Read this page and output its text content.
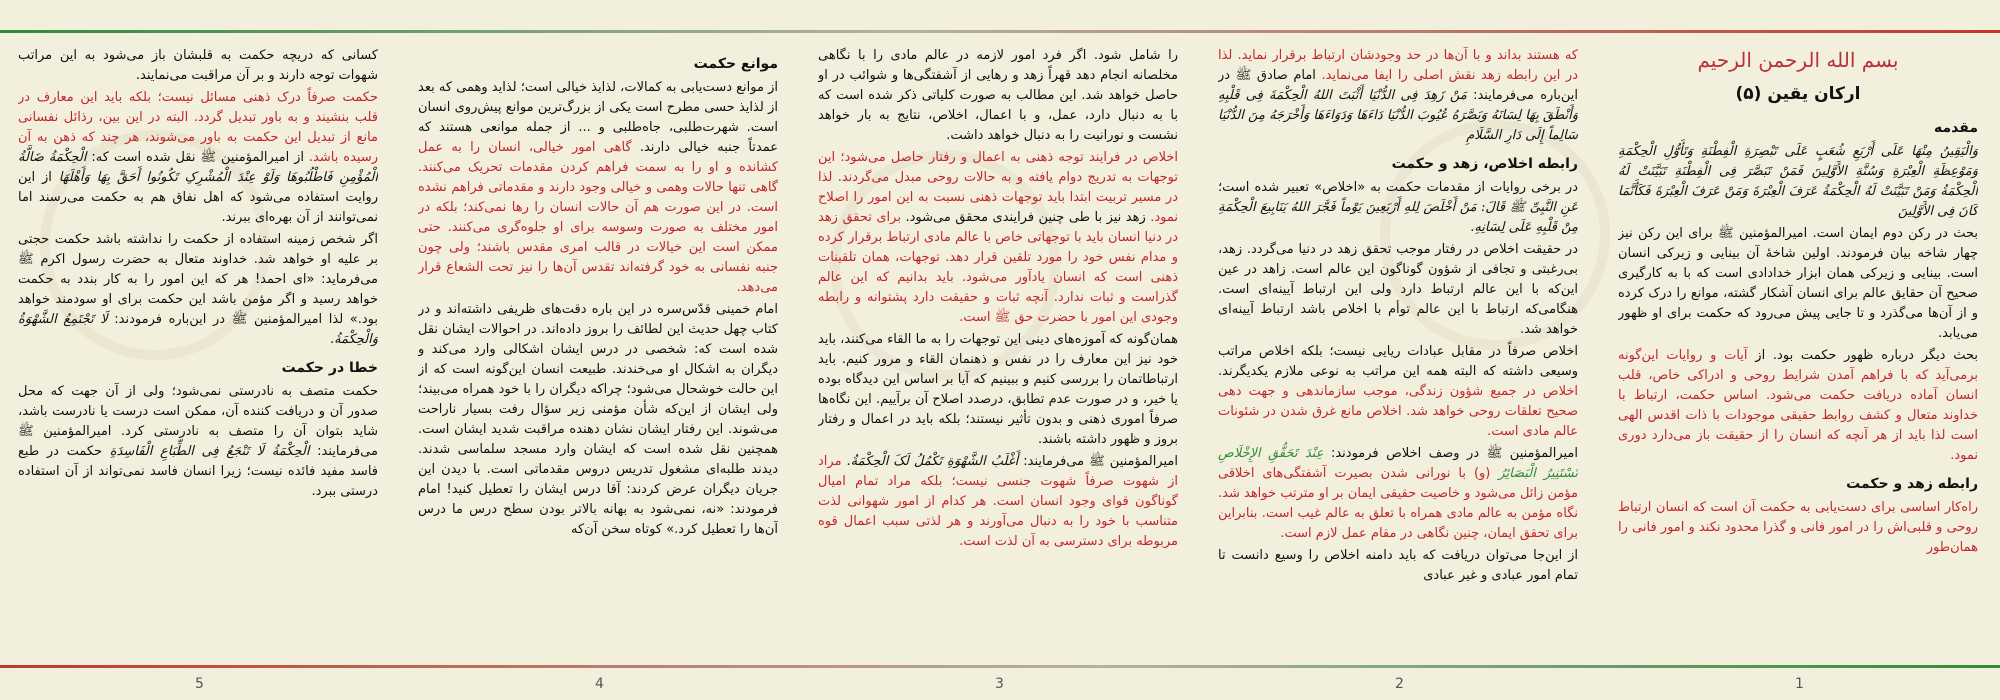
بسم الله الرحمن الرحیم
ارکان یقین (۵)
مقدمه

وَالْیَقِینُ مِنْهَا عَلَی أَرْبَعِ شُعَبٍ عَلَی تَبْصِرَةِ الْفِطْنَةِ وَتَأَوُّلِ الْحِکْمَةِ وَمَوْعِظَةِ الْعِبْرَةِ وَسُنَّةِ الأَوَّلِینَ فَمَنْ تَبَصَّرَ فِی الْفِطْنَةِ تَبَیَّنَتْ لَهُ الْحِکْمَةُ وَمَنْ تَبَیَّنَتْ لَهُ الْحِکْمَةُ عَرَفَ الْعِبْرَةَ وَمَنْ عَرَفَ الْعِبْرَةَ فَکَأَنَّمَا کَانَ فِی الأَوَّلِینَ

بحث در رکن دوم ایمان است. امیرالمؤمنین ﷺ برای این رکن نیز چهار شاخه بیان فرمودند. اولین شاخهٔ آن بینایی و زیرکی انسان است. بینایی و زیرکی همان ابزار خدادادی است که با به کارگیری صحیح آن حقایق عالم برای انسان آشکار گشته، موانع را درک کرده و از آن‌ها می‌گذرد و تا جایی پیش می‌رود که حکمت برای او ظهور می‌یابد.

بحث دیگر درباره ظهور حکمت بود. از آیات و روایات این‌گونه برمی‌آید که با فراهم آمدن شرایط روحی و ادراکی خاص، قلب انسان آماده دریافت حکمت می‌شود. اساس حکمت، ارتباط با خداوند متعال و کشف روابط حقیقی موجودات با ذات اقدس الهی است لذا باید از هر آنچه که انسان را از حقیقت باز می‌دارد دوری نمود.

رابطه زهد و حکمت

راه‌کار اساسی برای دست‌یابی به حکمت آن است که انسان ارتباط روحی و قلبی‌اش را در امور فانی و گذرا محدود نکند و امور فانی را همان‌طور

که هستند بداند و با آن‌ها در حد وجودشان ارتباط برقرار نماید. لذا در این رابطه زهد نقش اصلی را ایفا می‌نماید. امام صادق ﷺ در این‌باره می‌فرمایند: مَنْ زَهِدَ فِی الدُّنْیَا أَثْبَتَ اللهُ الْحِکْمَةَ فِی قَلْبِهِ وَأَنْطَقَ بِهَا لِسَانَهُ وَبَصَّرَهُ عُیُوبَ الدُّنْیَا دَاءَهَا وَدَوَاءَهَا وَأَخْرَجَهُ مِنَ الدُّنْیَا سَالِماً إِلَی دَارِ السَّلَامِ

رابطه اخلاص، زهد و حکمت

در برخی روایات از مقدمات حکمت به «اخلاص» تعبیر شده است؛ عَنِ النَّبِیِّ ﷺ قَالَ: مَنْ أَخْلَصَ لِلهِ أَرْبَعِینَ یَوْماً فَجَّرَ اللهُ یَنَابِیعَ الْحِکْمَةِ مِنْ قَلْبِهِ عَلَی لِسَانِهِ.

در حقیقت اخلاص در رفتار موجب تحقق زهد در دنیا می‌گردد. زهد، بی‌رغبتی و تجافی از شؤون گوناگون این عالم است. زاهد در عین این‌که با این عالم ارتباط دارد ولی این ارتباط آیینه‌ای است. هنگامی‌که ارتباط با این عالم توأم با اخلاص باشد ارتباط آیینه‌ای خواهد شد.

اخلاص صرفاً در مقابل عبادات ریایی نیست؛ بلکه اخلاص مراتب وسیعی داشته که البته همه این مراتب به نوعی ملازم یکدیگرند. اخلاص در جمیع شؤون زندگی، موجب سازماندهی و جهت دهی صحیح تعلقات روحی خواهد شد. اخلاص مانع غرق شدن در شئونات عالم مادی است.

امیرالمؤمنین ﷺ در وصف اخلاص فرمودند: عِنْدَ تَحَقُّقِ الإِخْلَاصِ تَسْتَنِیرُ الْبَصَائِرُ (و) با نورانی شدن بصیرت آشفتگی‌های اخلاقی مؤمن زائل می‌شود و خاصیت حقیقی ایمان بر او مترتب خواهد شد. نگاه مؤمن به عالم مادی همراه با تعلق به عالم غیب است. بنابراین برای تحقق ایمان، چنین نگاهی در مقام عمل لازم است.

از این‌جا می‌توان دریافت که باید دامنه اخلاص را وسیع دانست تا تمام امور عبادی و غیر عبادی

را شامل شود. اگر فرد امور لازمه در عالم مادی را با نگاهی مخلصانه انجام دهد قهراً زهد و رهایی از آشفتگی‌ها و شوائب در او حاصل خواهد شد. این مطالب به صورت کلیاتی ذکر شده است که با به دنبال دارد، عمل، و با اعمال، اخلاص، نتایج به بار خواهد نشست و نورانیت را به دنبال خواهد داشت.

اخلاص در فرایند توجه ذهنی به اعمال و رفتار حاصل می‌شود؛ این توجهات به تدریج دوام یافته و به حالات روحی مبدل می‌گردند. لذا در مسیر تربیت ابتدا باید توجهات ذهنی نسبت به این امور را اصلاح نمود. زهد نیز با طی چنین فرایندی محقق می‌شود. برای تحقق زهد در دنیا انسان باید با توجهاتی خاص با عالم مادی ارتباط برقرار کرده و مدام نفس خود را مورد تلقین قرار دهد. توجهات، همان تلقینات ذهنی است که انسان یادآور می‌شود. باید بدانیم که این عالم گذراست و ثبات ندارد. آنچه ثبات و حقیقت دارد پشتوانه و رابطه وجودی این امور با حضرت حق ﷺ است.

همان‌گونه که آموزه‌های دینی این توجهات را به ما القاء می‌کنند، باید خود نیز این معارف را در نفس و ذهنمان القاء و مرور کنیم. باید ارتباطاتمان را بررسی کنیم و ببینیم که آیا بر اساس این دیدگاه بوده یا خیر، و در صورت عدم تطابق، درصدد اصلاح آن برآییم. این نگاه‌ها صرفاً اموری ذهنی و بدون تأثیر نیستند؛ بلکه باید در اعمال و رفتار بروز و ظهور داشته باشند.

امیرالمؤمنین ﷺ می‌فرمایند: أَغْلَبُ الشَّهْوَةِ تَکْمُلُ لَکَ الْحِکْمَةُ. مراد از شهوت صرفاً شهوت جنسی نیست؛ بلکه مراد تمام امیال گوناگون قوای وجود انسان است. هر کدام از امور شهوانی لذت متناسب با خود را به دنبال می‌آورند و هر لذتی سبب اعمال قوه مربوطه برای دسترسی به آن لذت است.

موانع حکمت

از موانع دست‌یابی به کمالات، لذایذ خیالی است؛ لذاید وهمی که بعد از لذایذ حسی مطرح است یکی از بزرگ‌ترین موانع پیش‌روی انسان است. شهرت‌طلبی، جاه‌طلبی و ... از جمله موانعی هستند که عمدتاً جنبه خیالی دارند. گاهی امور خیالی، انسان را به عمل کشانده و او را به سمت فراهم کردن مقدمات تحریک می‌کنند. گاهی تنها حالات وهمی و خیالی وجود دارند و مقدماتی فراهم نشده است. در این صورت هم آن حالات انسان را رها نمی‌کند؛ بلکه در امور مختلف به صورت وسوسه برای او جلوه‌گری می‌کنند. حتی ممکن است این خیالات در قالب امری مقدس باشند؛ ولی چون جنبه نفسانی به خود گرفته‌اند تقدس آن‌ها را نیز تحت الشعاع قرار می‌دهد.

امام خمینی قدّس‌سره در این باره دقت‌های ظریفی داشته‌اند و در کتاب چهل حدیث این لطائف را بروز داده‌اند. در احوالات ایشان نقل شده است که: شخصی در درس ایشان اشکالی وارد می‌کند و دیگران به اشکال او می‌خندند. طبیعت انسان این‌گونه است که از این حالت خوشحال می‌شود؛ چراکه دیگران را با خود همراه می‌بیند؛ ولی ایشان از این‌که شأن مؤمنی زیر سؤال رفت بسیار ناراحت می‌شوند. این رفتار ایشان نشان دهنده مراقبت شدید ایشان است. همچنین نقل شده است که ایشان وارد مسجد سلماسی شدند. دیدند طلبه‌ای مشغول تدریس دروس مقدماتی است. با دیدن این جریان دیگران عرض کردند: آقا درس ایشان را تعطیل کنید! امام فرمودند: «نه، نمی‌شود به بهانه بالاتر بودن سطح درس ما درس آن‌ها را تعطیل کرد.» کوتاه سخن آن‌که

کسانی که دریچه حکمت به قلبشان باز می‌شود به این مراتب شهوات توجه دارند و بر آن مراقبت می‌نمایند.

حکمت صرفاً درک ذهنی مسائل نیست؛ بلکه باید این معارف در قلب بنشیند و به باور تبدیل گردد. البته در این بین، رذائل نفسانی مانع از تبدیل این حکمت به باور می‌شوند، هر چند که ذهن به آن رسیده باشد. از امیرالمؤمنین ﷺ نقل شده است که: الْحِکْمَةُ ضَالَّةُ الْمُؤْمِنِ فَاطْلُبُوهَا وَلَوْ عِنْدَ الْمُشْرِکِ تَکُونُوا أَحَقَّ بِهَا وَأَهْلَهَا از این روایت استفاده می‌شود که اهل نفاق هم به حکمت می‌رسند اما نمی‌توانند از آن بهره‌ای ببرند.

اگر شخص زمینه استفاده از حکمت را نداشته باشد حکمت حجتی بر علیه او خواهد شد. خداوند متعال به حضرت رسول اکرم ﷺ می‌فرماید: «ای احمد! هر که این امور را به کار بندد به حکمت خواهد رسید و اگر مؤمن باشد این حکمت برای او سودمند خواهد بود.» لذا امیرالمؤمنین ﷺ در این‌باره فرمودند: لَا تَجْتَمِعُ الشَّهْوَةُ وَالْحِکْمَةُ.

خطا در حکمت

حکمت متصف به نادرستی نمی‌شود؛ ولی از آن جهت که محل صدور آن و دریافت کننده آن، ممکن است درست یا نادرست باشد، شاید بتوان آن را متصف به نادرستی کرد. امیرالمؤمنین ﷺ می‌فرمایند: الْحِکْمَةُ لَا تَنْجَعُ فِی الطِّبَاعِ الْفَاسِدَةِ حکمت در طبع فاسد مفید فائده نیست؛ زیرا انسان فاسد نمی‌تواند از آن استفاده درستی ببرد.

1
2
3
4
5
